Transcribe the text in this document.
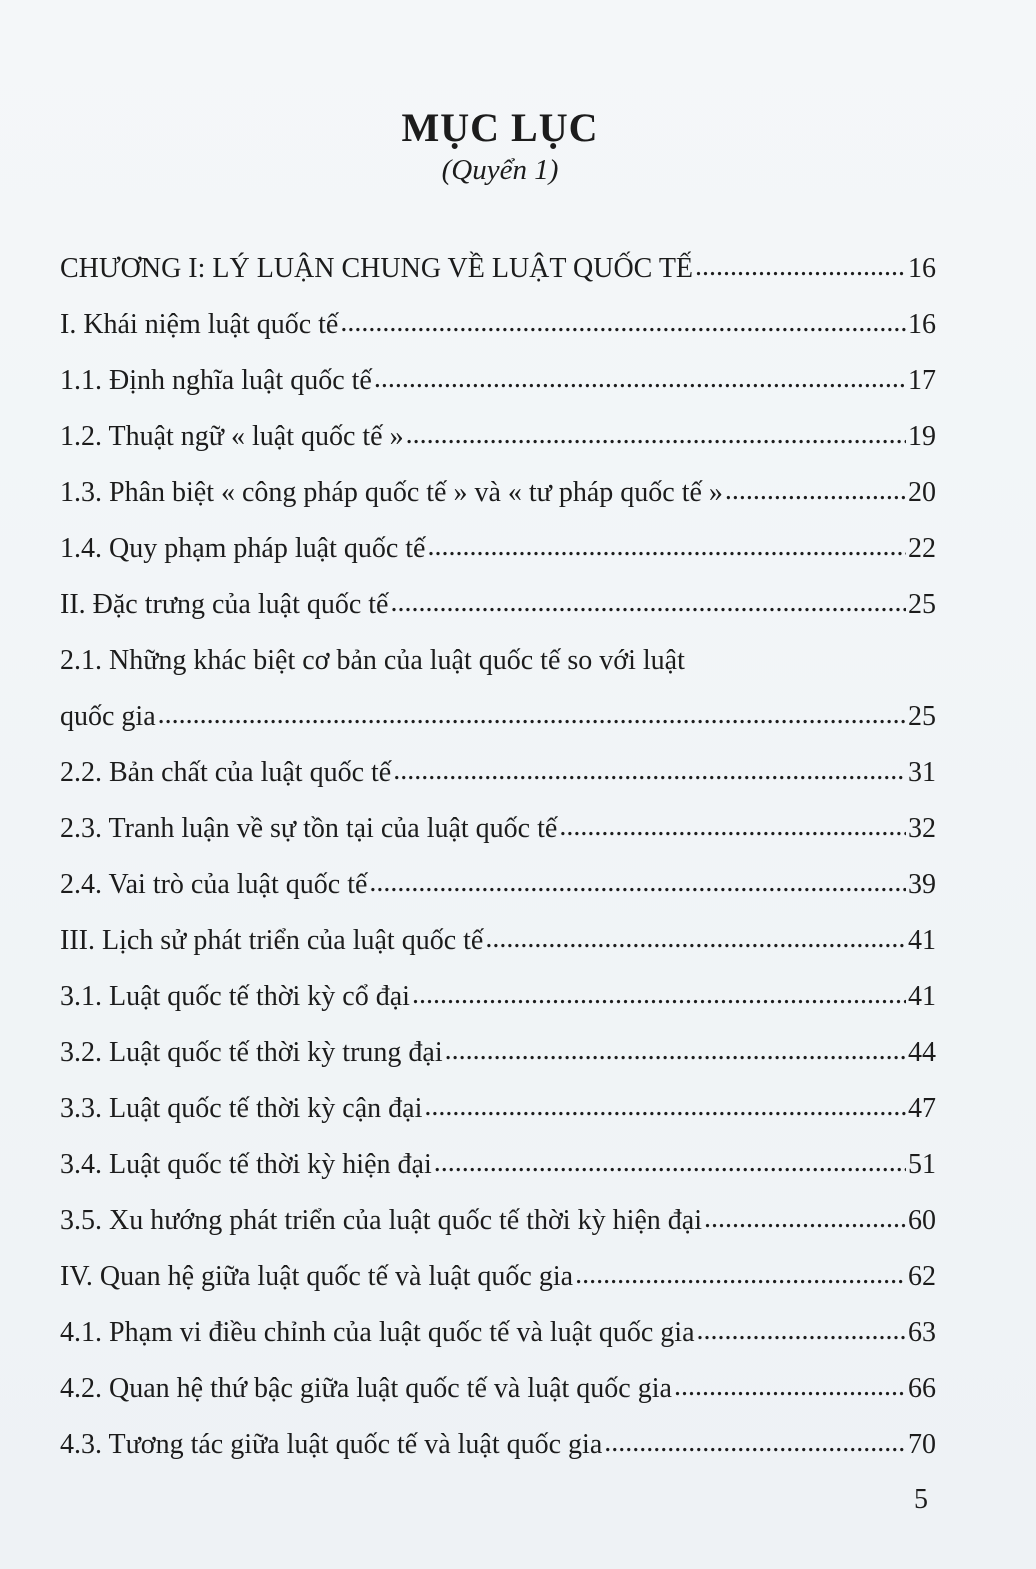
MỤC LỤC
(Quyển 1)
CHƯƠNG I: LÝ LUẬN CHUNG VỀ LUẬT QUỐC TẾ .....	16
I. Khái niệm luật quốc tế .....	16
1.1. Định nghĩa luật quốc tế .....	17
1.2. Thuật ngữ « luật quốc tế » .....	19
1.3. Phân biệt « công pháp quốc tế » và « tư pháp quốc tế » .....	20
1.4. Quy phạm pháp luật quốc tế .....	22
II. Đặc trưng của luật quốc tế .....	25
2.1. Những khác biệt cơ bản của luật quốc tế so với luật
quốc gia .....	25
2.2. Bản chất của luật quốc tế .....	31
2.3. Tranh luận về sự tồn tại của luật quốc tế .....	32
2.4. Vai trò của luật quốc tế .....	39
III. Lịch sử phát triển của luật quốc tế .....	41
3.1. Luật quốc tế thời kỳ cổ đại .....	41
3.2. Luật quốc tế thời kỳ trung đại .....	44
3.3. Luật quốc tế thời kỳ cận đại .....	47
3.4. Luật quốc tế thời kỳ hiện đại .....	51
3.5. Xu hướng phát triển của luật quốc tế thời kỳ hiện đại .....	60
IV. Quan hệ giữa luật quốc tế và luật quốc gia .....	62
4.1. Phạm vi điều chỉnh của luật quốc tế và luật quốc gia .....	63
4.2. Quan hệ thứ bậc giữa luật quốc tế và luật quốc gia .....	66
4.3. Tương tác giữa luật quốc tế và luật quốc gia .....	70
5
